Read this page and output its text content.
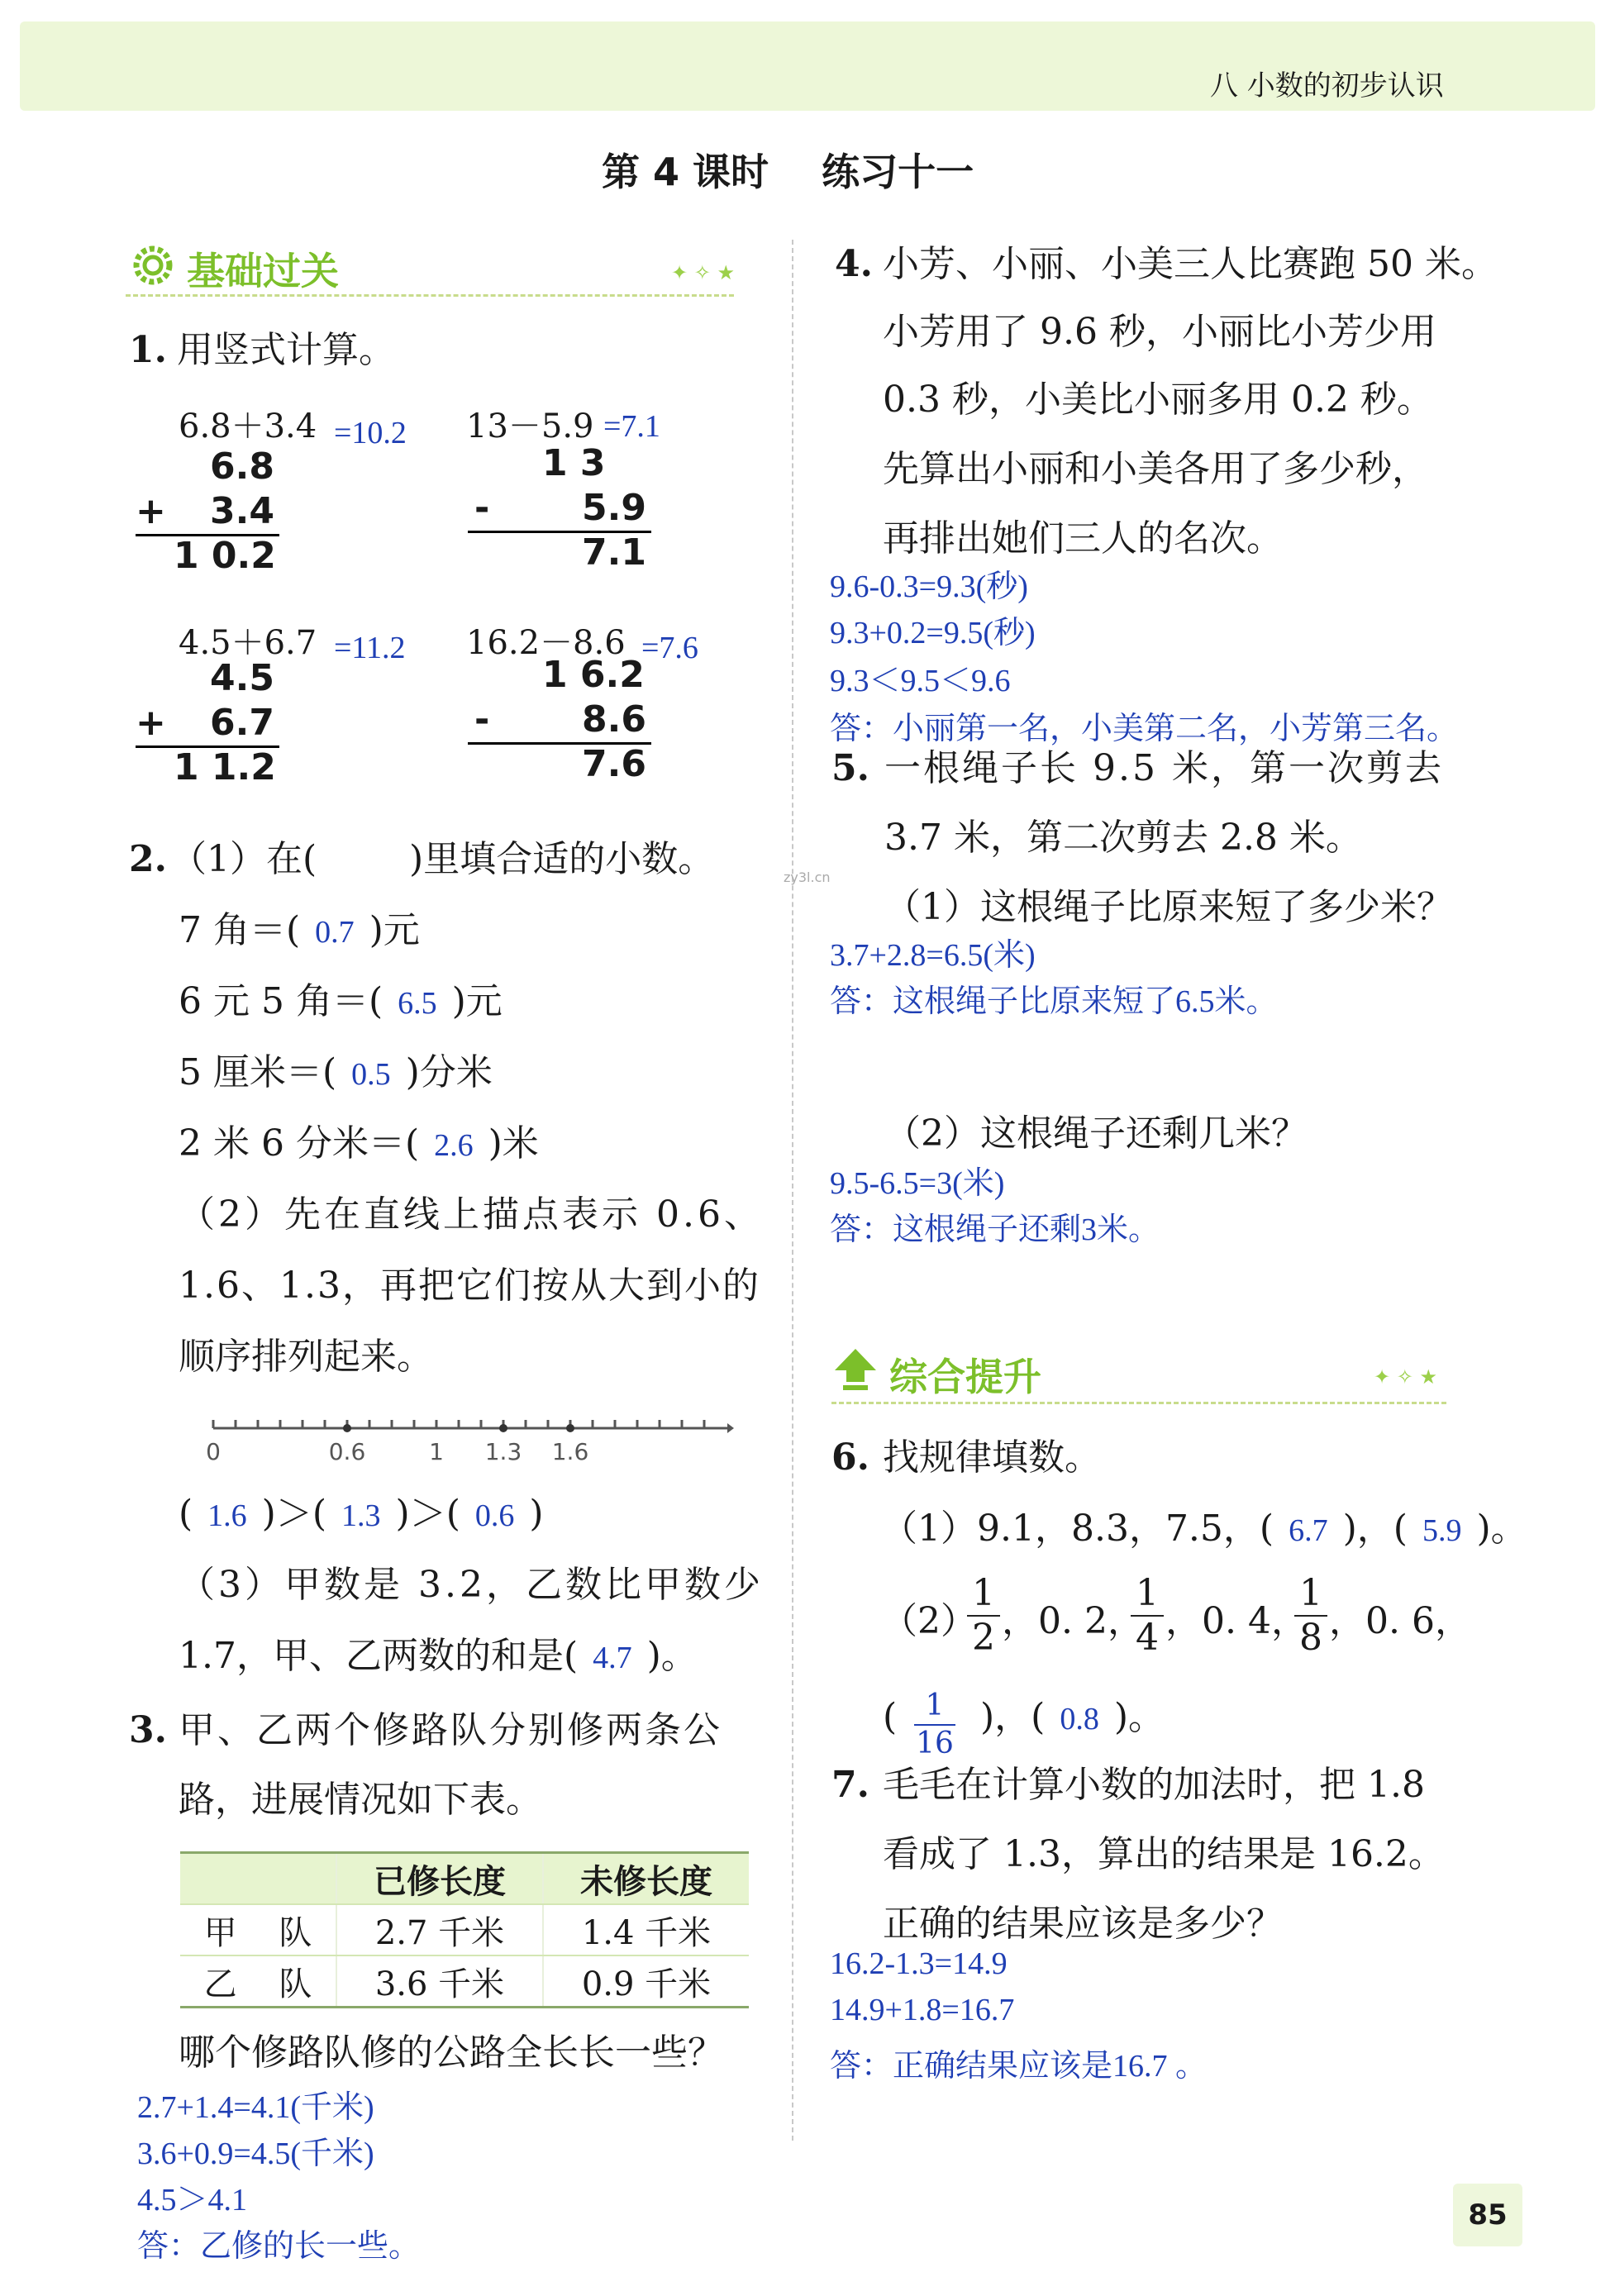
八 小数的初步认识
第 4 课时    练习十一
基础过关	✦ ✧ ★
1. 用竖式计算。
6.8＋3.4 =10.2
6.8
+ 3.4
1 0.2
13－5.9 =7.1
1 3
-	5.9
7.1
4.5＋6.7 =11.2
4.5
+ 6.7
1 1.2
16.2－8.6 =7.6
1 6.2
-	8.6
7.6
2. （1）在(        )里填合适的小数。
7 角＝( 0.7 )元
6 元 5 角＝( 6.5 )元
5 厘米＝( 0.5 )分米
2 米 6 分米＝( 2.6 )米
（2）先在直线上描点表示 0.6、
1.6、1.3，再把它们按从大到小的
顺序排列起来。
0	0.6	1 1.3 1.6
( 1.6 )＞( 1.3 )＞( 0.6 )
（3）甲数是 3.2，乙数比甲数少
1.7，甲、乙两数的和是( 4.7 )。
3. 甲、乙两个修路队分别修两条公
路，进展情况如下表。
	已修长度	未修长度
甲    队	2.7 千米	1.4 千米
乙    队	3.6 千米	0.9 千米
哪个修路队修的公路全长长一些？
2.7+1.4=4.1(千米)
3.6+0.9=4.5(千米)
4.5＞4.1
答：乙修的长一些。
4. 小芳、小丽、小美三人比赛跑 50 米。
小芳用了 9.6 秒，小丽比小芳少用
0.3 秒，小美比小丽多用 0.2 秒。
先算出小丽和小美各用了多少秒，
再排出她们三人的名次。
9.6-0.3=9.3(秒)
9.3+0.2=9.5(秒)
9.3＜9.5＜9.6
答：小丽第一名，小美第二名，小芳第三名。
5. 一根绳子长 9.5 米，第一次剪去
3.7 米，第二次剪去 2.8 米。
zy3l.cn
（1）这根绳子比原来短了多少米？
3.7+2.8=6.5(米)
答：这根绳子比原来短了6.5米。
（2）这根绳子还剩几米？
9.5-6.5=3(米)
答：这根绳子还剩3米。
综合提升	✦ ✧ ★
6. 找规律填数。
（1）9.1，8.3，7.5，( 6.7 )，( 5.9 )。
（2）
1
2 ，0. 2，
1
4 ，0. 4，
1
8 ，0. 6，
( 1
16
)，( 0.8 )。
7. 毛毛在计算小数的加法时，把 1.8
看成了 1.3，算出的结果是 16.2。
正确的结果应该是多少？
16.2-1.3=14.9
14.9+1.8=16.7
答：正确结果应该是16.7 。
85
